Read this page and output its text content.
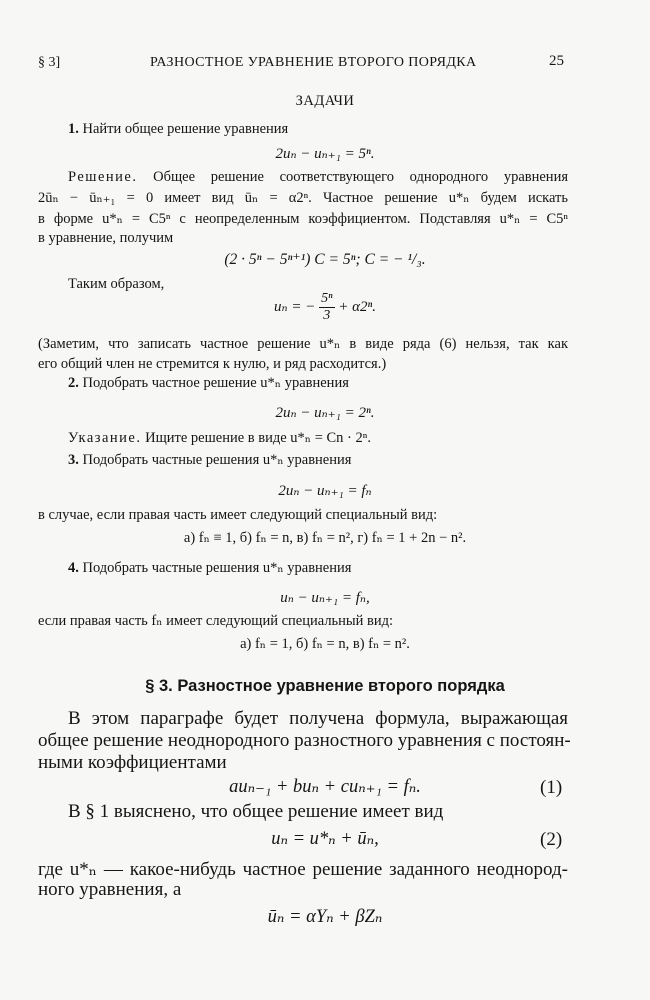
§ 3]	РАЗНОСТНОЕ УРАВНЕНИЕ ВТОРОГО ПОРЯДКА	25
ЗАДАЧИ
1. Найти общее решение уравнения
2uₙ − uₙ₊₁ = 5ⁿ.
Решение. Общее решение соответствующего однородного уравнения
2ūₙ − ūₙ₊₁ = 0 имеет вид ūₙ = α2ⁿ. Частное решение u*ₙ будем искать
в форме u*ₙ = C5ⁿ с неопределенным коэффициентом. Подставляя u*ₙ = C5ⁿ
в уравнение, получим
(2 · 5ⁿ − 5ⁿ⁺¹) C = 5ⁿ; C = − ¹/₃.
Таким образом,
uₙ = − $\frac{\text{5ⁿ}}{3} + \alpha 2^n$.
(Заметим, что записать частное решение u*ₙ в виде ряда (6) нельзя, так как
его общий член не стремится к нулю, и ряд расходится.)
2. Подобрать частное решение u*ₙ уравнения
2uₙ − uₙ₊₁ = 2ⁿ.
Указание. Ищите решение в виде u*ₙ = Cn · 2ⁿ.
3. Подобрать частные решения u*ₙ уравнения
2uₙ − uₙ₊₁ = fₙ
в случае, если правая часть имеет следующий специальный вид:
а) fₙ ≡ 1, б) fₙ = n, в) fₙ = n², г) fₙ = 1 + 2n − n².
4. Подобрать частные решения u*ₙ уравнения
uₙ − uₙ₊₁ = fₙ,
если правая часть fₙ имеет следующий специальный вид:
а) fₙ = 1, б) fₙ = n, в) fₙ = n².
§ 3. Разностное уравнение второго порядка
В этом параграфе будет получена формула, выражающая
общее решение неоднородного разностного уравнения с постоян-
ными коэффициентами
auₙ₋₁ + buₙ + cuₙ₊₁ = fₙ.	(1)
В § 1 выяснено, что общее решение имеет вид
uₙ = u*ₙ + ūₙ,	(2)
где u*ₙ — какое-нибудь частное решение заданного неоднород-
ного уравнения, а
ūₙ = αYₙ + βZₙ
